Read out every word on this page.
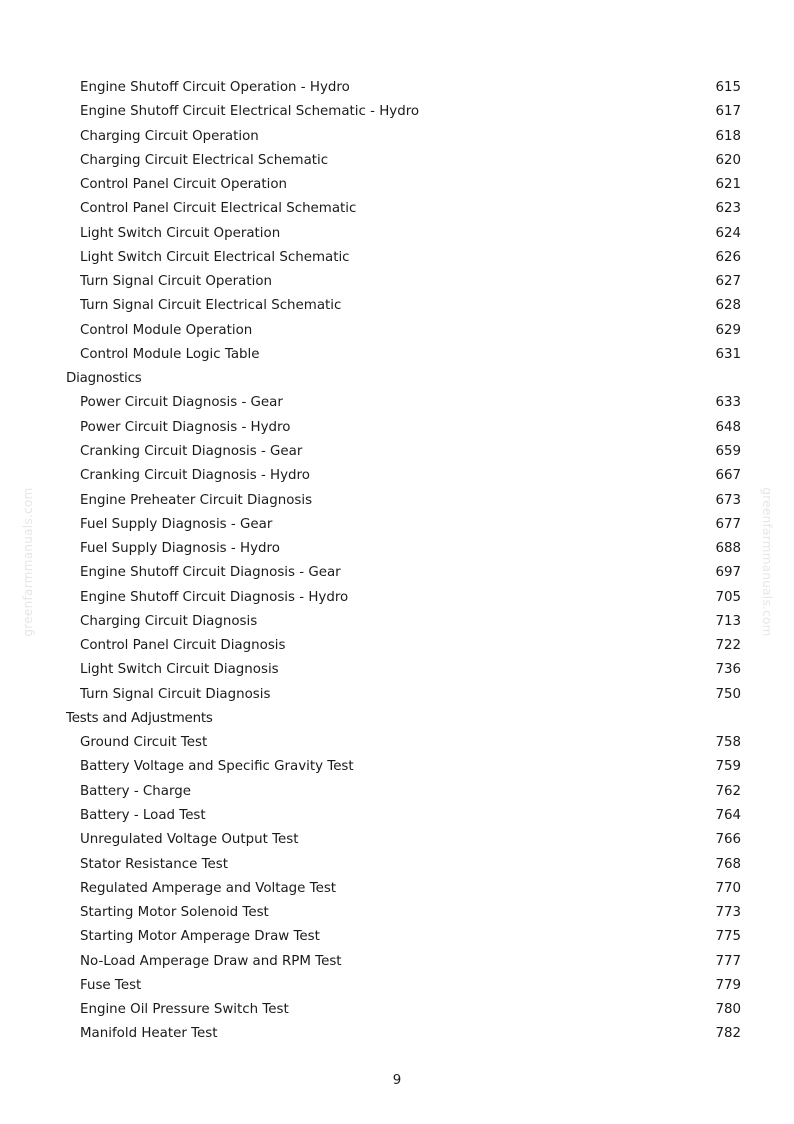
greenfarmmanuals.com	greenfarmmanuals.com
Engine Shutoff Circuit Operation - Hydro	615
Engine Shutoff Circuit Electrical Schematic - Hydro	617
Charging Circuit Operation	618
Charging Circuit Electrical Schematic	620
Control Panel Circuit Operation	621
Control Panel Circuit Electrical Schematic	623
Light Switch Circuit Operation	624
Light Switch Circuit Electrical Schematic	626
Turn Signal Circuit Operation	627
Turn Signal Circuit Electrical Schematic	628
Control Module Operation	629
Control Module Logic Table	631
Diagnostics
Power Circuit Diagnosis - Gear	633
Power Circuit Diagnosis - Hydro	648
Cranking Circuit Diagnosis - Gear	659
Cranking Circuit Diagnosis - Hydro	667
Engine Preheater Circuit Diagnosis	673
Fuel Supply Diagnosis - Gear	677
Fuel Supply Diagnosis - Hydro	688
Engine Shutoff Circuit Diagnosis - Gear	697
Engine Shutoff Circuit Diagnosis - Hydro	705
Charging Circuit Diagnosis	713
Control Panel Circuit Diagnosis	722
Light Switch Circuit Diagnosis	736
Turn Signal Circuit Diagnosis	750
Tests and Adjustments
Ground Circuit Test	758
Battery Voltage and Specific Gravity Test	759
Battery - Charge	762
Battery - Load Test	764
Unregulated Voltage Output Test	766
Stator Resistance Test	768
Regulated Amperage and Voltage Test	770
Starting Motor Solenoid Test	773
Starting Motor Amperage Draw Test	775
No-Load Amperage Draw and RPM Test	777
Fuse Test	779
Engine Oil Pressure Switch Test	780
Manifold Heater Test	782
9
